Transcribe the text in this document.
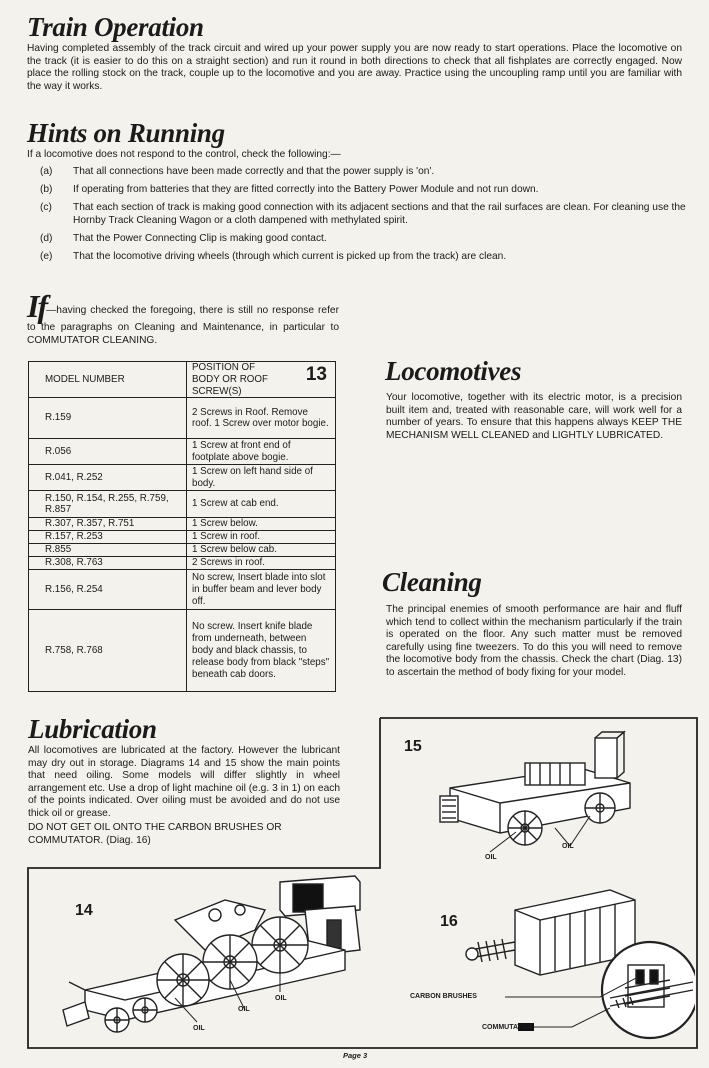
Train Operation

Having completed assembly of the track circuit and wired up your power supply you are now ready to start operations. Place the locomotive on the track (it is easier to do this on a straight section) and run it round in both directions to check that all fishplates are correctly engaged. Now place the rolling stock on the track, couple up to the locomotive and you are away. Practice using the uncoupling ramp until you are familiar with the way it works.

Hints on Running

If a locomotive does not respond to the control, check the following:—

(a)	That all connections have been made correctly and that the power supply is 'on'.
(b)	If operating from batteries that they are fitted correctly into the Battery Power Module and not run down.
(c)	That each section of track is making good connection with its adjacent sections and that the rail surfaces are clean. For cleaning use the Hornby Track Cleaning Wagon or a cloth dampened with methylated spirit.
(d)	That the Power Connecting Clip is making good contact.
(e)	That the locomotive driving wheels (through which current is picked up from the track) are clean.

If—having checked the foregoing, there is still no response refer to the paragraphs on Cleaning and Maintenance, in particular to COMMUTATOR CLEANING.

MODEL NUMBER	POSITION OF BODY OR ROOF SCREW(S)
13

R.159	2 Screws in Roof. Remove roof. 1 Screw over motor bogie.
R.056	1 Screw at front end of footplate above bogie.
R.041, R.252	1 Screw on left hand side of body.
R.150, R.154, R.255, R.759, R.857	1 Screw at cab end.
R.307, R.357, R.751	1 Screw below.
R.157, R.253	1 Screw in roof.
R.855	1 Screw below cab.
R.308, R.763	2 Screws in roof.
R.156, R.254	No screw, Insert blade into slot in buffer beam and lever body off.
R.758, R.768	No screw. Insert knife blade from underneath, between body and black chassis, to release body from black "steps" beneath cab doors.
Locomotives

Your locomotive, together with its electric motor, is a precision built item and, treated with reasonable care, will work well for a number of years. To ensure that this happens always KEEP THE MECHANISM WELL CLEANED and LIGHTLY LUBRICATED.

Cleaning

The principal enemies of smooth performance are hair and fluff which tend to collect within the mechanism particularly if the train is operated on the floor. Any such matter must be removed carefully using fine tweezers. To do this you will need to remove the locomotive body from the chassis. Check the chart (Diag. 13) to ascertain the method of body fixing for your model.

Lubrication

All locomotives are lubricated at the factory. However the lubricant may dry out in storage. Diagrams 14 and 15 show the main points that need oiling. Some models will differ slightly in wheel arrangement etc. Use a drop of light machine oil (e.g. 3 in 1) on each of the points indicated. Over oiling must be avoided and do not use thick oil or grease.

DO NOT GET OIL ONTO THE CARBON BRUSHES OR COMMUTATOR. (Diag. 16)

15
OIL
OIL
14
OIL
OIL
OIL
16
CARBON BRUSHES
COMMUTATOR
Page 3
